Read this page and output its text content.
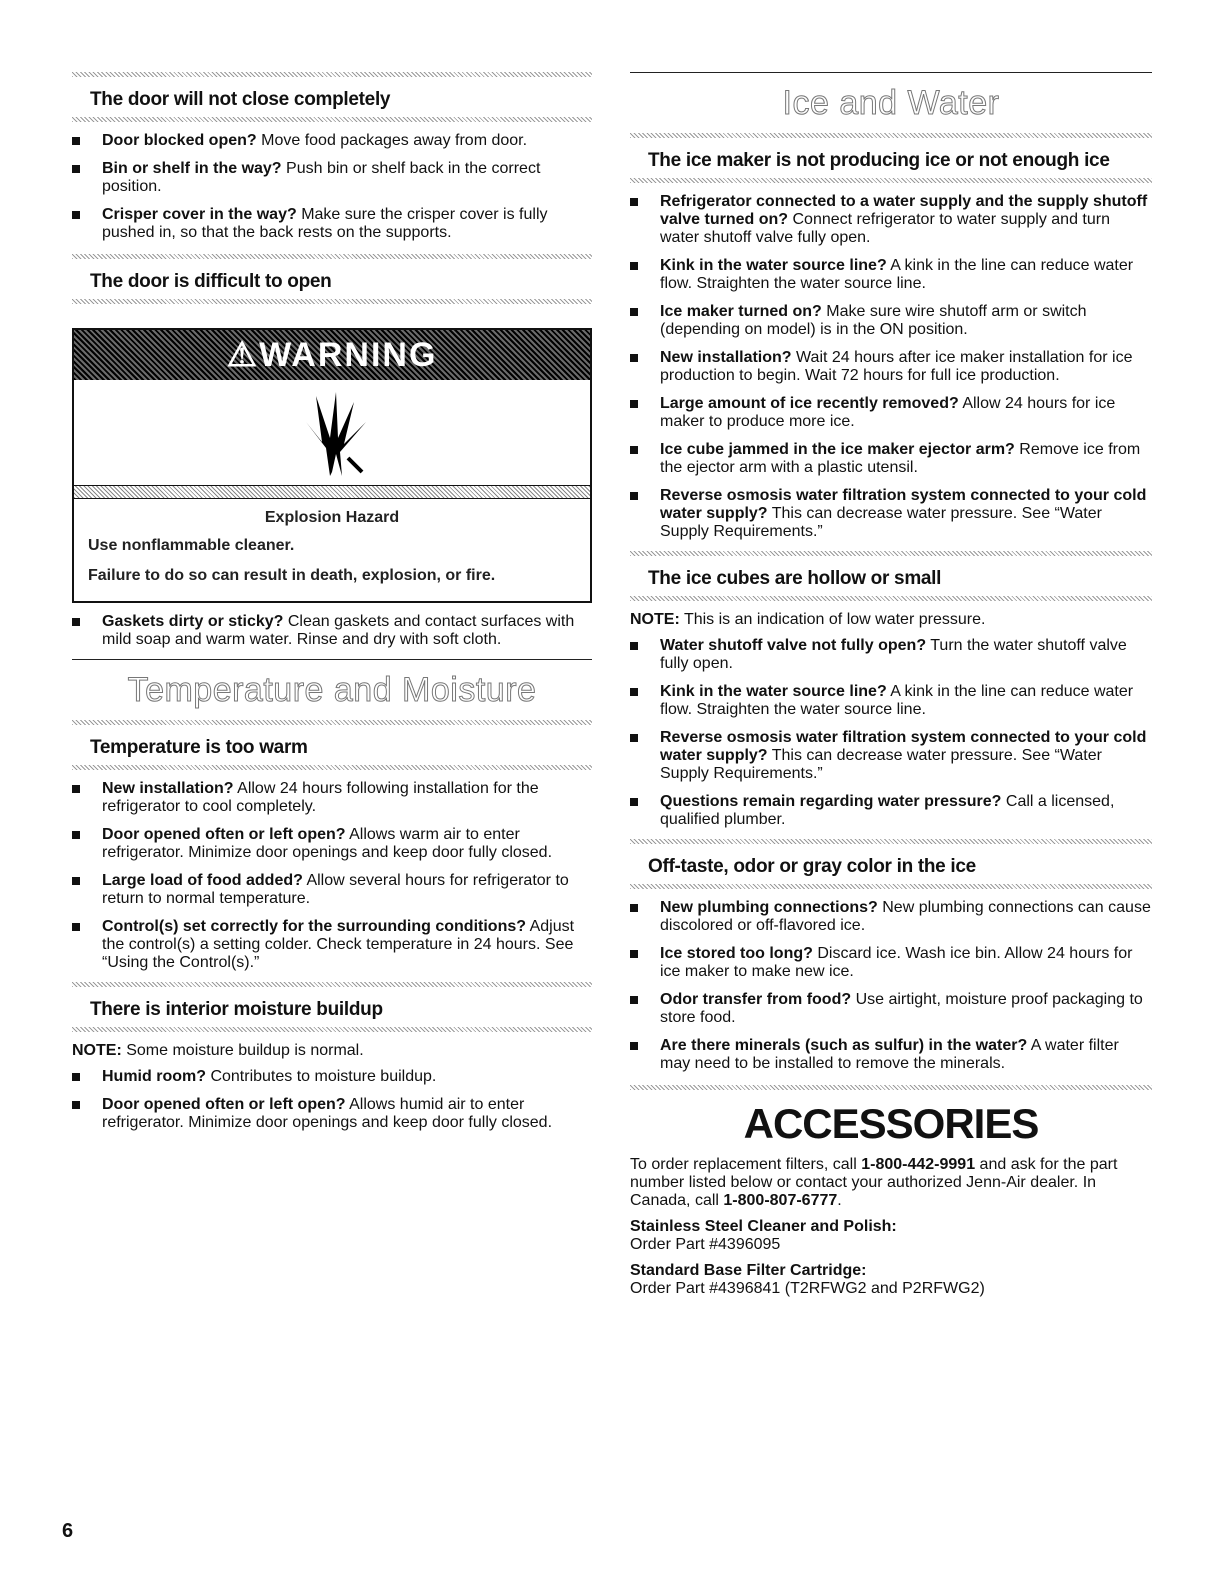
The door will not close completely
Door blocked open? Move food packages away from door.
Bin or shelf in the way? Push bin or shelf back in the correct position.
Crisper cover in the way? Make sure the crisper cover is fully pushed in, so that the back rests on the supports.
The door is difficult to open
⚠WARNING
Explosion Hazard

Use nonflammable cleaner.

Failure to do so can result in death, explosion, or fire.

Gaskets dirty or sticky? Clean gaskets and contact surfaces with mild soap and warm water. Rinse and dry with soft cloth.
Temperature and Moisture
Temperature is too warm
New installation? Allow 24 hours following installation for the refrigerator to cool completely.
Door opened often or left open? Allows warm air to enter refrigerator. Minimize door openings and keep door fully closed.
Large load of food added? Allow several hours for refrigerator to return to normal temperature.
Control(s) set correctly for the surrounding conditions? Adjust the control(s) a setting colder. Check temperature in 24 hours. See “Using the Control(s).”
There is interior moisture buildup
NOTE: Some moisture buildup is normal.
Humid room? Contributes to moisture buildup.
Door opened often or left open? Allows humid air to enter refrigerator. Minimize door openings and keep door fully closed.
Ice and Water
The ice maker is not producing ice or not enough ice
Refrigerator connected to a water supply and the supply shutoff valve turned on? Connect refrigerator to water supply and turn water shutoff valve fully open.
Kink in the water source line? A kink in the line can reduce water flow. Straighten the water source line.
Ice maker turned on? Make sure wire shutoff arm or switch (depending on model) is in the ON position.
New installation? Wait 24 hours after ice maker installation for ice production to begin. Wait 72 hours for full ice production.
Large amount of ice recently removed? Allow 24 hours for ice maker to produce more ice.
Ice cube jammed in the ice maker ejector arm? Remove ice from the ejector arm with a plastic utensil.
Reverse osmosis water filtration system connected to your cold water supply? This can decrease water pressure. See “Water Supply Requirements.”
The ice cubes are hollow or small
NOTE: This is an indication of low water pressure.
Water shutoff valve not fully open? Turn the water shutoff valve fully open.
Kink in the water source line? A kink in the line can reduce water flow. Straighten the water source line.
Reverse osmosis water filtration system connected to your cold water supply? This can decrease water pressure. See “Water Supply Requirements.”
Questions remain regarding water pressure? Call a licensed, qualified plumber.
Off-taste, odor or gray color in the ice
New plumbing connections? New plumbing connections can cause discolored or off-flavored ice.
Ice stored too long? Discard ice. Wash ice bin. Allow 24 hours for ice maker to make new ice.
Odor transfer from food? Use airtight, moisture proof packaging to store food.
Are there minerals (such as sulfur) in the water? A water filter may need to be installed to remove the minerals.
ACCESSORIES
To order replacement filters, call 1-800-442-9991 and ask for the part number listed below or contact your authorized Jenn-Air dealer. In Canada, call 1-800-807-6777.
Stainless Steel Cleaner and Polish:
Order Part #4396095
Standard Base Filter Cartridge:
Order Part #4396841 (T2RFWG2 and P2RFWG2)
6
